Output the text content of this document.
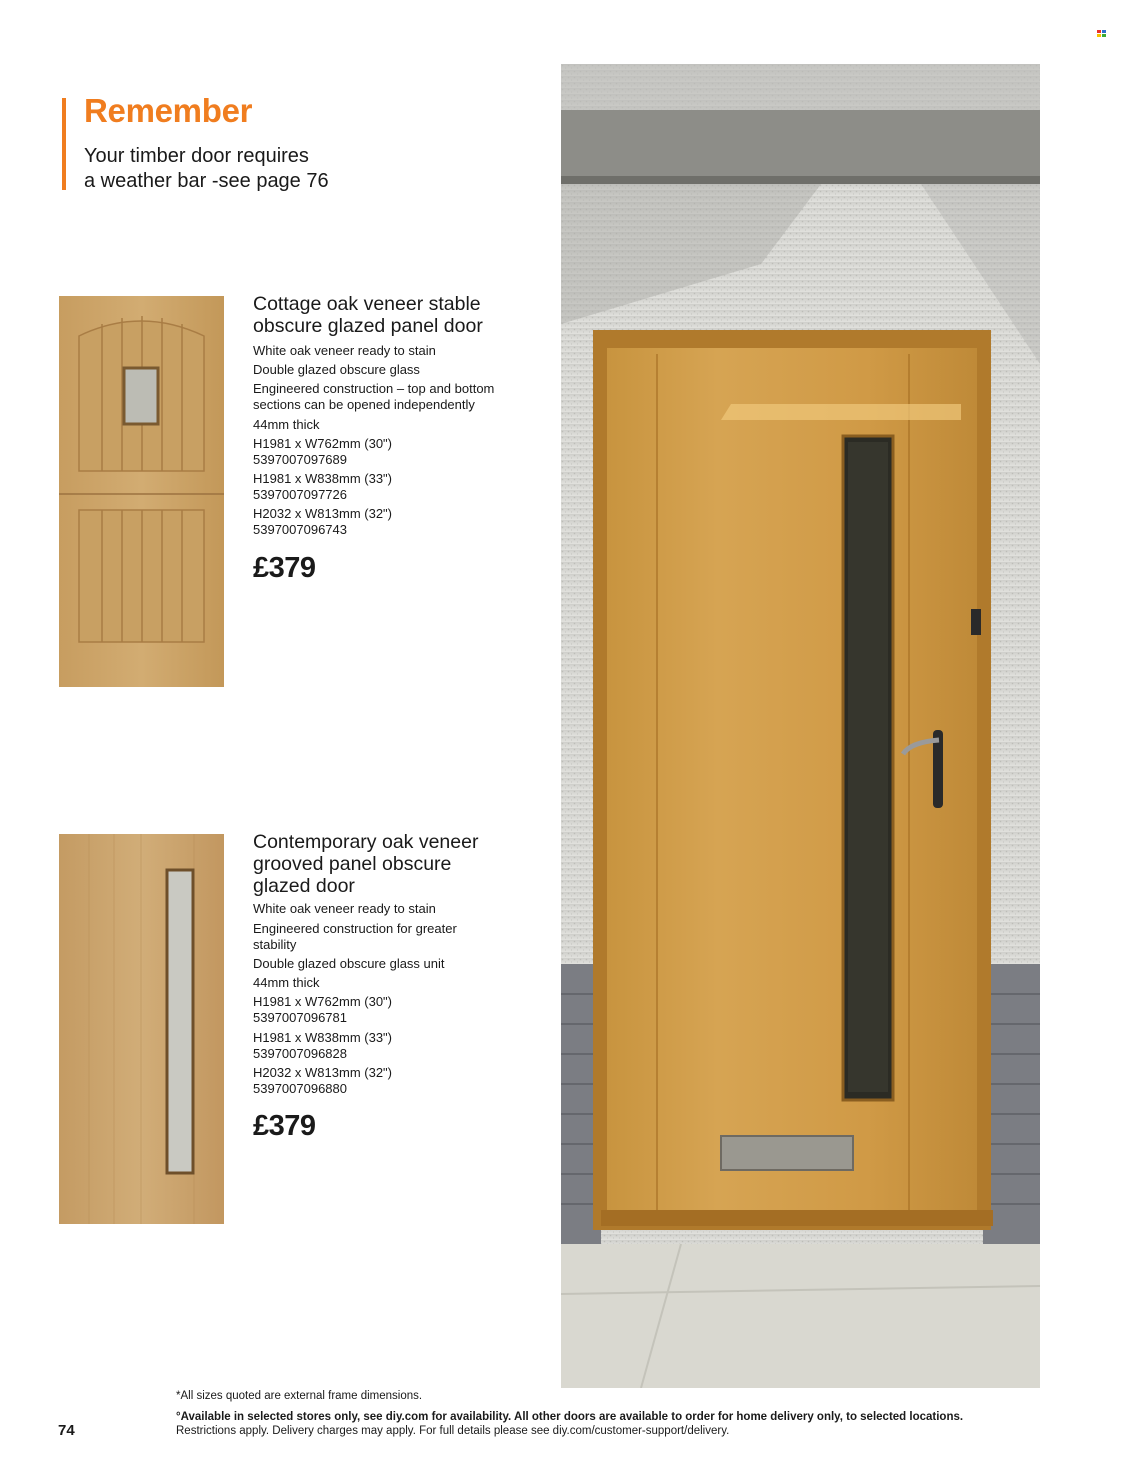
Remember
Your timber door requires
a weather bar -see page 76
Cottage oak veneer stable
obscure glazed panel door
White oak veneer ready to stain
Double glazed obscure glass
Engineered construction – top and bottom
sections can be opened independently
44mm thick
H1981 x W762mm (30")
5397007097689
H1981 x W838mm (33")
5397007097726
H2032 x W813mm (32")
5397007096743
£379
Contemporary oak veneer
grooved panel obscure
glazed door
White oak veneer ready to stain
Engineered construction for greater
stability
Double glazed obscure glass unit
44mm thick
H1981 x W762mm (30")
5397007096781
H1981 x W838mm (33")
5397007096828
H2032 x W813mm (32")
5397007096880
£379
74
*All sizes quoted are external frame dimensions.
°Available in selected stores only, see diy.com for availability. All other doors are available to order for home delivery only, to selected locations.
Restrictions apply. Delivery charges may apply. For full details please see diy.com/customer-support/delivery.
